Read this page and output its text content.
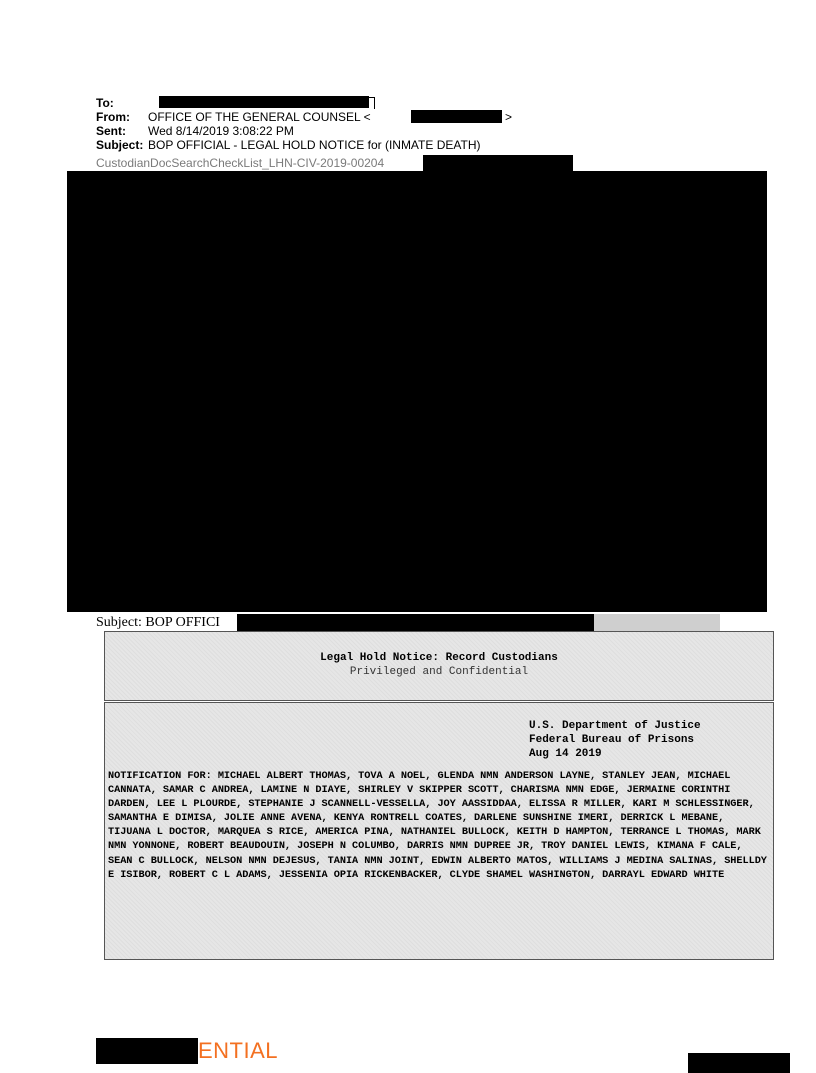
To:
From: OFFICE OF THE GENERAL COUNSEL <	>
Sent: Wed 8/14/2019 3:08:22 PM
Subject: BOP OFFICIAL - LEGAL HOLD NOTICE for (INMATE DEATH)
CustodianDocSearchCheckList_LHN-CIV-2019-00204
Subject: BOP OFFICI
Legal Hold Notice: Record Custodians
Privileged and Confidential
U.S. Department of Justice
Federal Bureau of Prisons
Aug 14 2019

NOTIFICATION FOR: MICHAEL ALBERT THOMAS, TOVA A NOEL, GLENDA NMN ANDERSON LAYNE, STANLEY JEAN, MICHAEL CANNATA, SAMAR C ANDREA, LAMINE N DIAYE, SHIRLEY V SKIPPER SCOTT, CHARISMA NMN EDGE, JERMAINE CORINTHI DARDEN, LEE L PLOURDE, STEPHANIE J SCANNELL-VESSELLA, JOY AASSIDDAA, ELISSA R MILLER, KARI M SCHLESSINGER, SAMANTHA E DIMISA, JOLIE ANNE AVENA, KENYA RONTRELL COATES, DARLENE SUNSHINE IMERI, DERRICK L MEBANE, TIJUANA L DOCTOR, MARQUEA S RICE, AMERICA PINA, NATHANIEL BULLOCK, KEITH D HAMPTON, TERRANCE L THOMAS, MARK NMN YONNONE, ROBERT BEAUDOUIN, JOSEPH N COLUMBO, DARRIS NMN DUPREE JR, TROY DANIEL LEWIS, KIMANA F CALE, SEAN C BULLOCK, NELSON NMN DEJESUS, TANIA NMN JOINT, EDWIN ALBERTO MATOS, WILLIAMS J MEDINA SALINAS, SHELLDY E ISIBOR, ROBERT C L ADAMS, JESSENIA OPIA RICKENBACKER, CLYDE SHAMEL WASHINGTON, DARRAYL EDWARD WHITE

ENTIAL
